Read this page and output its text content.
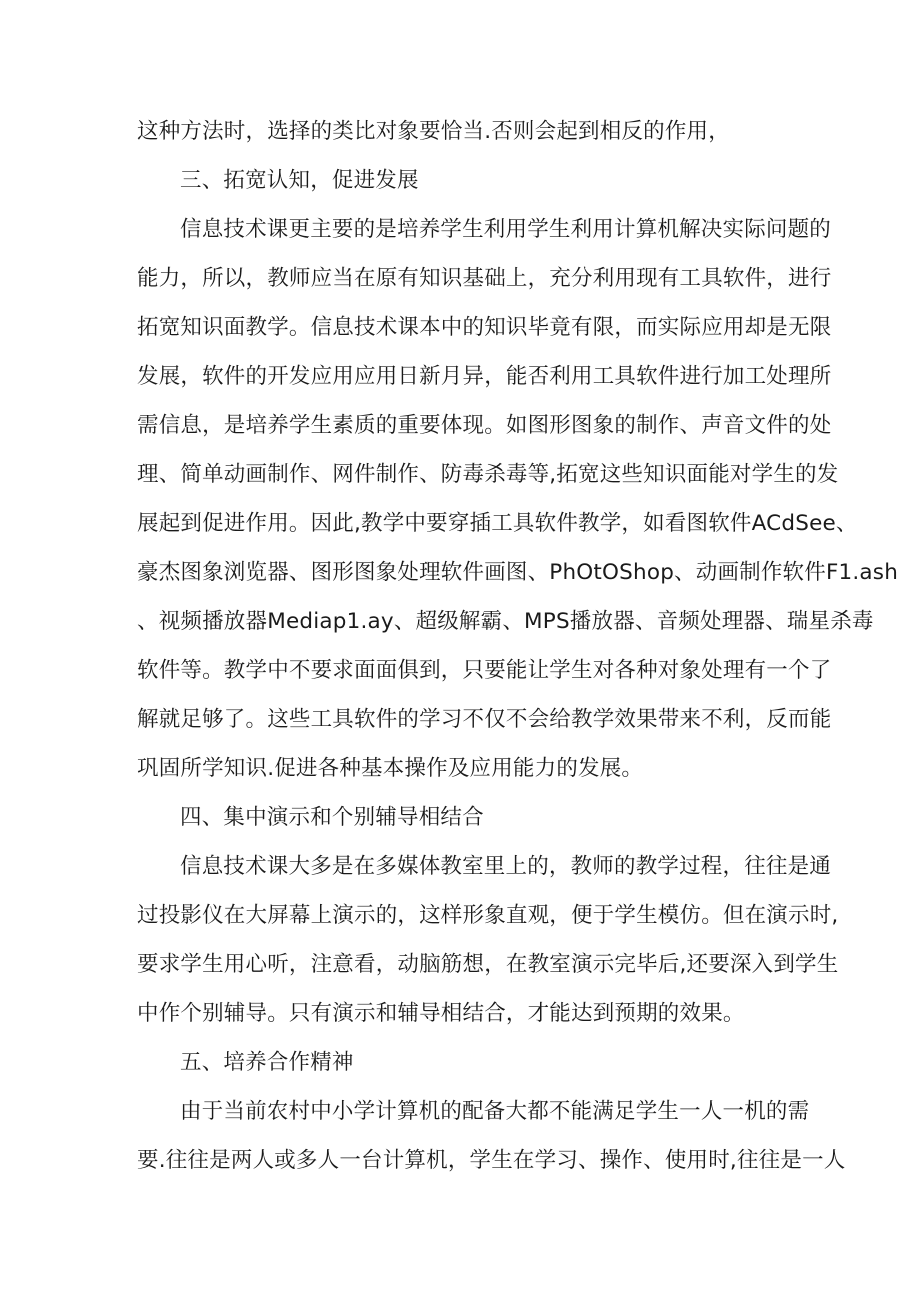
这种方法时，选择的类比对象要恰当.否则会起到相反的作用，
三、拓宽认知，促进发展
信息技术课更主要的是培养学生利用学生利用计算机解决实际问题的
能力，所以，教师应当在原有知识基础上，充分利用现有工具软件，进行
拓宽知识面教学。信息技术课本中的知识毕竟有限，而实际应用却是无限
发展，软件的开发应用应用日新月异，能否利用工具软件进行加工处理所
需信息，是培养学生素质的重要体现。如图形图象的制作、声音文件的处
理、简单动画制作、网件制作、防毒杀毒等,拓宽这些知识面能对学生的发
展起到促进作用。因此,教学中要穿插工具软件教学，如看图软件ACdSee、
豪杰图象浏览器、图形图象处理软件画图、PhOtOShop、动画制作软件F1.ash
、视频播放器Mediap1.ay、超级解霸、MPS播放器、音频处理器、瑞星杀毒
软件等。教学中不要求面面俱到，只要能让学生对各种对象处理有一个了
解就足够了。这些工具软件的学习不仅不会给教学效果带来不利，反而能
巩固所学知识.促进各种基本操作及应用能力的发展。
四、集中演示和个别辅导相结合
信息技术课大多是在多媒体教室里上的，教师的教学过程，往往是通
过投影仪在大屏幕上演示的，这样形象直观，便于学生模仿。但在演示时,
要求学生用心听，注意看，动脑筋想，在教室演示完毕后,还要深入到学生
中作个别辅导。只有演示和辅导相结合，才能达到预期的效果。
五、培养合作精神
由于当前农村中小学计算机的配备大都不能满足学生一人一机的需
要.往往是两人或多人一台计算机，学生在学习、操作、使用时,往往是一人
